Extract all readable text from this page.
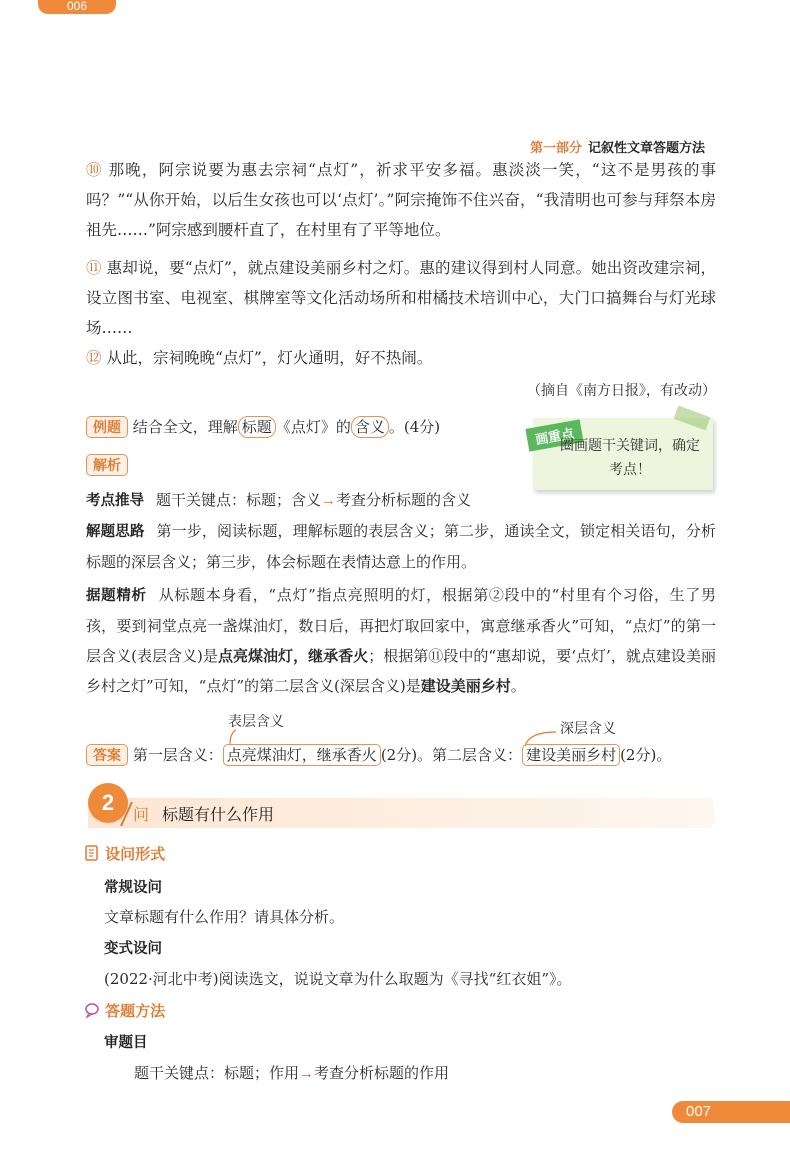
006
007
第一部分 记叙性文章答题方法
⑩ 那晚，阿宗说要为惠去宗祠“点灯”，祈求平安多福。惠淡淡一笑，“这不是男孩的事吗？”“从你开始，以后生女孩也可以‘点灯’。”阿宗掩饰不住兴奋，“我清明也可参与拜祭本房祖先……”阿宗感到腰杆直了，在村里有了平等地位。
⑪ 惠却说，要“点灯”，就点建设美丽乡村之灯。惠的建议得到村人同意。她出资改建宗祠，设立图书室、电视室、棋牌室等文化活动场所和柑橘技术培训中心，大门口搞舞台与灯光球场……
⑫ 从此，宗祠晚晚“点灯”，灯火通明，好不热闹。
（摘自《南方日报》，有改动）
例题 结合全文，理解 标题 《点灯》的 含义 。(4分)	画重点
圈画题干关键词，确定考点！
解析
考点推导 题干关键点：标题；含义→考查分析标题的含义
解题思路 第一步，阅读标题，理解标题的表层含义；第二步，通读全文，锁定相关语句，分析标题的深层含义；第三步，体会标题在表情达意上的作用。
据题精析 从标题本身看，“点灯”指点亮照明的灯，根据第②段中的“村里有个习俗，生了男孩，要到祠堂点亮一盏煤油灯，数日后，再把灯取回家中，寓意继承香火”可知，“点灯”的第一层含义(表层含义)是点亮煤油灯，继承香火；根据第⑪段中的“惠却说，要‘点灯’，就点建设美丽乡村之灯”可知，“点灯”的第二层含义(深层含义)是建设美丽乡村。
表层含义	深层含义
答案 第一层含义： 点亮煤油灯，继承香火 (2分)。第二层含义： 建设美丽乡村 (2分)。
2
问 标题有什么作用
设问形式
常规设问
文章标题有什么作用？请具体分析。
变式设问
(2022·河北中考)阅读选文，说说文章为什么取题为《寻找“红衣姐”》。
答题方法
审题目
题干关键点：标题；作用→考查分析标题的作用
